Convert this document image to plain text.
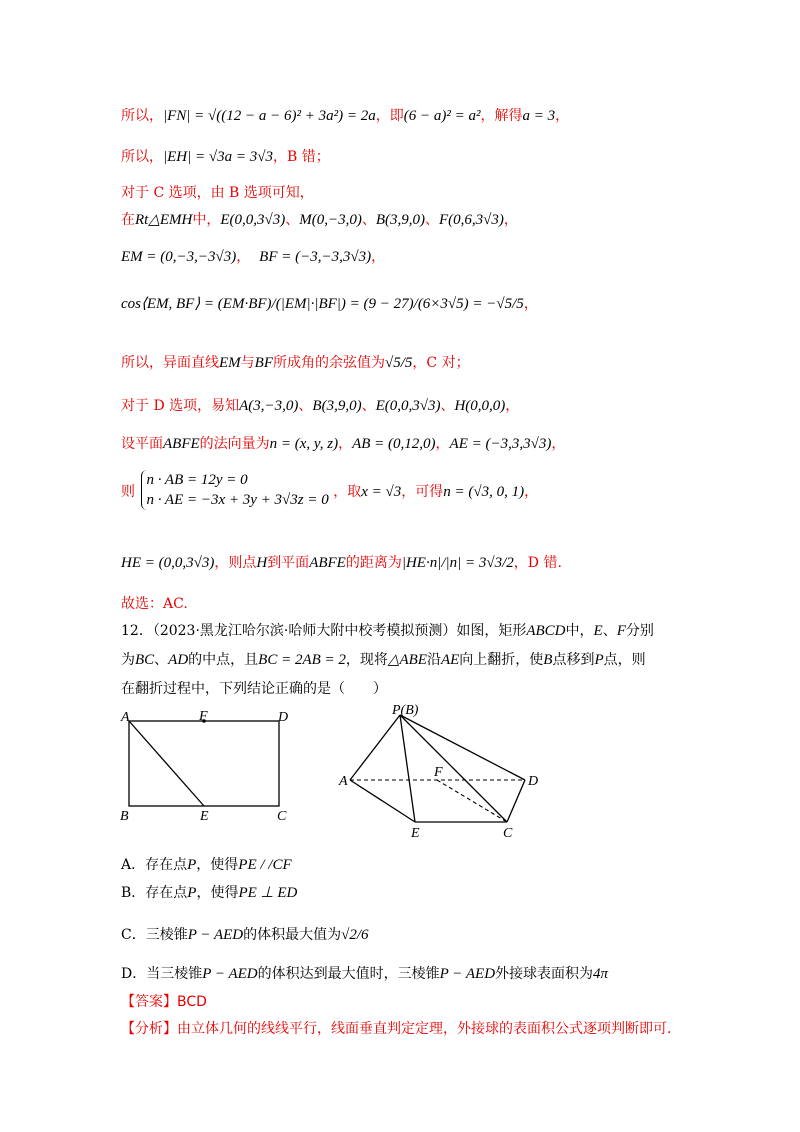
所以，|FN| = √((12 − a − 6)² + 3a²) = 2a，即(6 − a)² = a²，解得a = 3，
所以，|EH| = √3a = 3√3，B 错；
对于 C 选项，由 B 选项可知，
在Rt△EMH中，E(0,0,3√3)、M(0,−3,0)、B(3,9,0)、F(0,6,3√3)，
EM = (0,−3,−3√3)， BF = (−3,−3,3√3)，
cos⟨EM, BF⟩ = (EM·BF)/(|EM|·|BF|) = (9 − 27)/(6×3√5) = −√5/5，
所以，异面直线EM与BF所成角的余弦值为√5/5，C 对；
对于 D 选项，易知A(3,−3,0)、B(3,9,0)、E(0,0,3√3)、H(0,0,0)，
设平面ABFE的法向量为n = (x, y, z)，AB = (0,12,0)，AE = (−3,3,3√3)，
则
n · AB = 12y = 0
n · AE = −3x + 3y + 3√3z = 0 ，取x = √3，可得n = (√3, 0, 1)，
HE = (0,0,3√3)，则点H到平面ABFE的距离为|HE·n|/|n| = 3√3/2，D 错.
故选：AC.
12．（2023·黑龙江哈尔滨·哈师大附中校考模拟预测）如图，矩形ABCD中，E、F分别
为BC、AD的中点，且BC = 2AB = 2，现将△ABE沿AE向上翻折，使B点移到P点，则
在翻折过程中，下列结论正确的是（　　）
A	F	D
B	E	C
P(B)
A
F
D
E	C
A．存在点P，使得PE / /CF
B．存在点P，使得PE ⊥ ED
C．三棱锥P − AED的体积最大值为√2/6
D．当三棱锥P − AED的体积达到最大值时，三棱锥P − AED外接球表面积为4π
【答案】BCD
【分析】由立体几何的线线平行，线面垂直判定定理，外接球的表面积公式逐项判断即可.
